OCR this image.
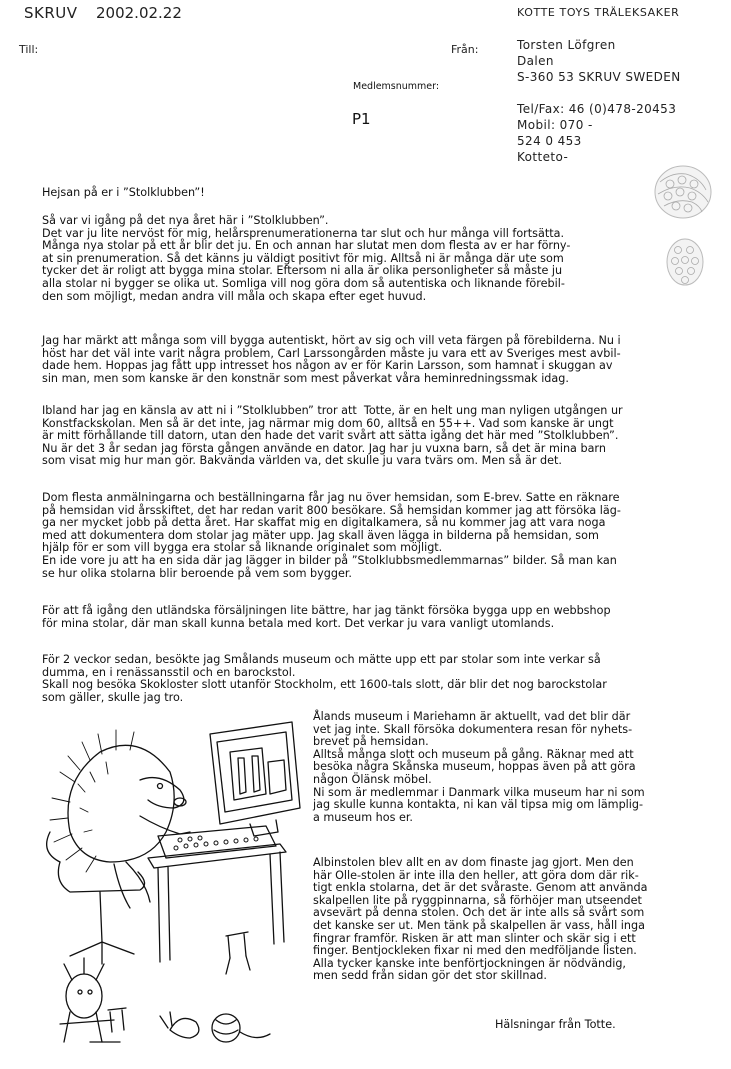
SKRUV 2002.02.22	KOTTE TOYS TRÄLEKSAKER
Till:	Från:	Torsten Löfgren
Dalen
S-360 53 SKRUV SWEDEN
Tel/Fax: 46 (0)478-20453
Mobil: 070 -
524 0 453
Kotteto-
Medlemsnummer:
P1
Hejsan på er i ”Stolklubben”!
Så var vi igång på det nya året här i ”Stolklubben”.
Det var ju lite nervöst för mig, helårsprenumerationerna tar slut och hur många vill fortsätta.
Många nya stolar på ett år blir det ju. En och annan har slutat men dom flesta av er har förny-
at sin prenumeration. Så det känns ju väldigt positivt för mig. Alltså ni är många där ute som
tycker det är roligt att bygga mina stolar. Eftersom ni alla är olika personligheter så måste ju
alla stolar ni bygger se olika ut. Somliga vill nog göra dom så autentiska och liknande förebil-
den som möjligt, medan andra vill måla och skapa efter eget huvud.
Jag har märkt att många som vill bygga autentiskt, hört av sig och vill veta färgen på förebilderna. Nu i
höst har det väl inte varit några problem, Carl Larssongården måste ju vara ett av Sveriges mest avbil-
dade hem. Hoppas jag fått upp intresset hos någon av er för Karin Larsson, som hamnat i skuggan av
sin man, men som kanske är den konstnär som mest påverkat våra heminredningssmak idag.
Ibland har jag en känsla av att ni i ”Stolklubben” tror att  Totte, är en helt ung man nyligen utgången ur
Konstfackskolan. Men så är det inte, jag närmar mig dom 60, alltså en 55++. Vad som kanske är ungt
är mitt förhållande till datorn, utan den hade det varit svårt att sätta igång det här med ”Stolklubben”.
Nu är det 3 år sedan jag första gången använde en dator. Jag har ju vuxna barn, så det är mina barn
som visat mig hur man gör. Bakvända världen va, det skulle ju vara tvärs om. Men så är det.
Dom flesta anmälningarna och beställningarna får jag nu över hemsidan, som E-brev. Satte en räknare
på hemsidan vid årsskiftet, det har redan varit 800 besökare. Så hemsidan kommer jag att försöka läg-
ga ner mycket jobb på detta året. Har skaffat mig en digitalkamera, så nu kommer jag att vara noga
med att dokumentera dom stolar jag mäter upp. Jag skall även lägga in bilderna på hemsidan, som
hjälp för er som vill bygga era stolar så liknande originalet som möjligt.
En ide vore ju att ha en sida där jag lägger in bilder på ”Stolklubbsmedlemmarnas” bilder. Så man kan
se hur olika stolarna blir beroende på vem som bygger.
För att få igång den utländska försäljningen lite bättre, har jag tänkt försöka bygga upp en webbshop
för mina stolar, där man skall kunna betala med kort. Det verkar ju vara vanligt utomlands.
För 2 veckor sedan, besökte jag Smålands museum och mätte upp ett par stolar som inte verkar så
dumma, en i renässansstil och en barockstol.
Skall nog besöka Skokloster slott utanför Stockholm, ett 1600-tals slott, där blir det nog barockstolar
som gäller, skulle jag tro.
Ålands museum i Mariehamn är aktuellt, vad det blir där
vet jag inte. Skall försöka dokumentera resan för nyhets-
brevet på hemsidan.
Alltså många slott och museum på gång. Räknar med att
besöka några Skånska museum, hoppas även på att göra
någon Ölänsk möbel.
Ni som är medlemmar i Danmark vilka museum har ni som
jag skulle kunna kontakta, ni kan väl tipsa mig om lämplig-
a museum hos er.
Albinstolen blev allt en av dom finaste jag gjort. Men den
här Olle-stolen är inte illa den heller, att göra dom där rik-
tigt enkla stolarna, det är det svåraste. Genom att använda
skalpellen lite på ryggpinnarna, så förhöjer man utseendet
avsevärt på denna stolen. Och det är inte alls så svårt som
det kanske ser ut. Men tänk på skalpellen är vass, håll inga
fingrar framför. Risken är att man slinter och skär sig i ett
finger. Bentjockleken fixar ni med den medföljande listen.
Alla tycker kanske inte benförtjockningen är nödvändig,
men sedd från sidan gör det stor skillnad.
Hälsningar från Totte.
